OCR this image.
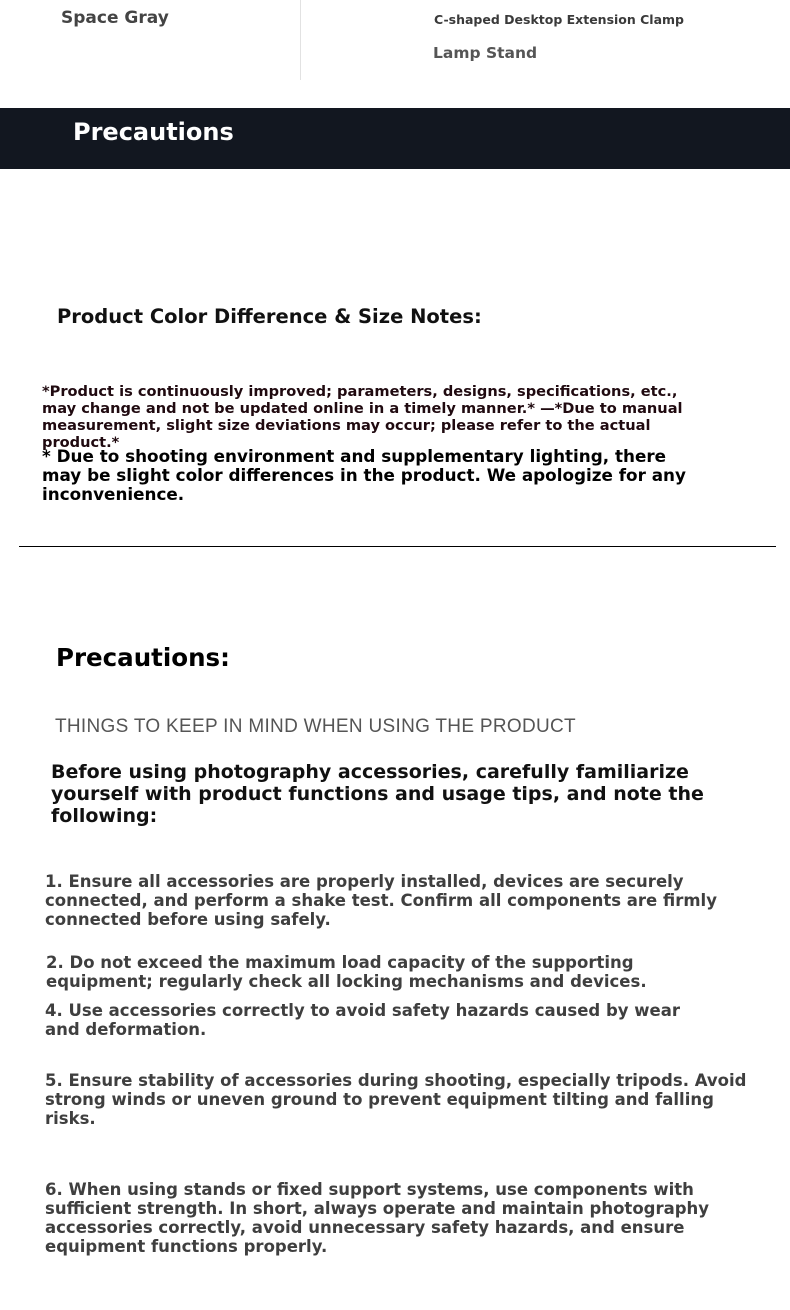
Space Gray	C-shaped Desktop Extension Clamp
Lamp Stand
Precautions
Product Color Difference & Size Notes:
*Product is continuously improved; parameters, designs, specifications, etc., may change and not be updated online in a timely manner.* —*Due to manual measurement, slight size deviations may occur; please refer to the actual product.*
* Due to shooting environment and supplementary lighting, there may be slight color differences in the product. We apologize for any inconvenience.
Precautions:
THINGS TO KEEP IN MIND WHEN USING THE PRODUCT
Before using photography accessories, carefully familiarize yourself with product functions and usage tips, and note the following:
1. Ensure all accessories are properly installed, devices are securely connected, and perform a shake test. Confirm all components are firmly connected before using safely.
2. Do not exceed the maximum load capacity of the supporting equipment; regularly check all locking mechanisms and devices.
4. Use accessories correctly to avoid safety hazards caused by wear and deformation.
5. Ensure stability of accessories during shooting, especially tripods. Avoid strong winds or uneven ground to prevent equipment tilting and falling risks.
6. When using stands or fixed support systems, use components with sufficient strength. In short, always operate and maintain photography accessories correctly, avoid unnecessary safety hazards, and ensure equipment functions properly.
